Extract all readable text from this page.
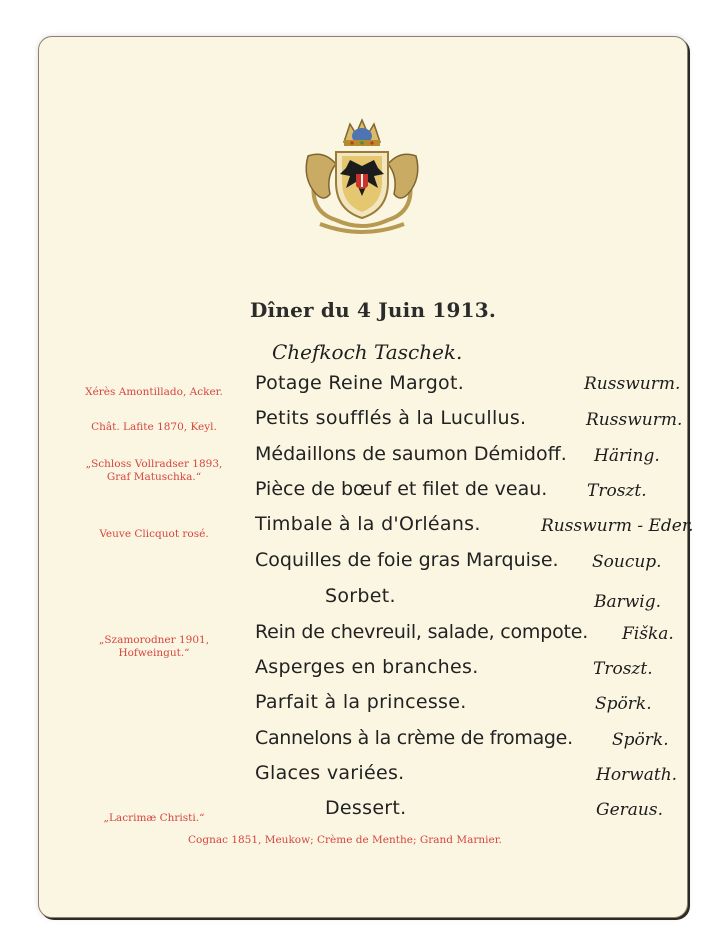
Dîner du 4 Juin 1913.
Chefkoch Taschek.
Xérès Amontillado, Acker.
Chât. Lafite 1870, Keyl.
„Schloss Vollradser 1893,
Graf Matuschka.“
Veuve Clicquot rosé.
„Szamorodner 1901,
Hofweingut.“
„Lacrimæ Christi.“
Potage Reine Margot.	Russwurm.
Petits soufflés à la Lucullus.	Russwurm.
Médaillons de saumon Démidoff. Häring.
Pièce de bœuf et filet de veau. Troszt.
Timbale à la d'Orléans.	Russwurm - Eder.
Coquilles de foie gras Marquise. Soucup.
Sorbet.	Barwig.
Rein de chevreuil, salade, compote. Fiška.
Asperges en branches.	Troszt.
Parfait à la princesse.	Spörk.
Cannelons à la crème de fromage. Spörk.
Glaces variées.	Horwath.
Dessert.	Geraus.
Cognac 1851, Meukow; Crème de Menthe; Grand Marnier.
